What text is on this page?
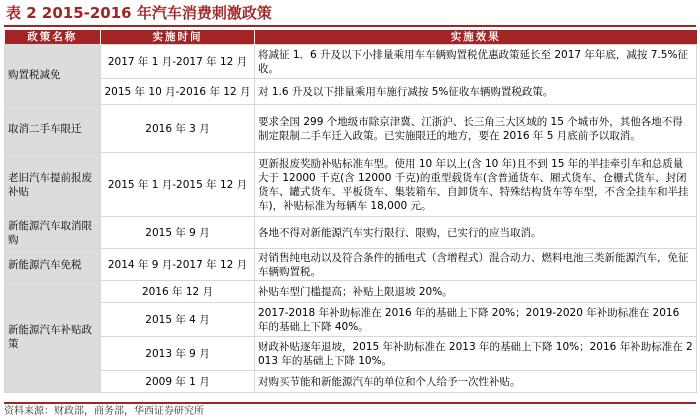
表 2 2015-2016 年汽车消费刺激政策
政策名称	实施时间	实施效果
购置税减免	2017 年 1 月-2017 年 12 月	将减征 1．6 升及以下小排量乘用车车辆购置税优惠政策延长至 2017 年年底，减按 7.5%征收。
	2015 年 10 月-2016 年 12 月	对 1.6 升及以下排量乘用车施行减按 5%征收车辆购置税政策。
取消二手车限迁	2016 年 3 月	要求全国 299 个地级市除京津冀、江浙沪、长三角三大区域的 15 个城市外，其他各地不得制定限制二手车迁入政策。已实施限迁的地方，要在 2016 年 5 月底前予以取消。
老旧汽车提前报废补贴	2015 年 1 月-2015 年 12 月	更新报废奖励补贴标准车型。使用 10 年以上(含 10 年)且不到 15 年的半挂牵引车和总质量大于 12000 千克(含 12000 千克)的重型载货车(含普通货车、厢式货车、仓栅式货车、封闭货车、罐式货车、平板货车、集装箱车、自卸货车、特殊结构货车等车型，不含全挂车和半挂车)，补贴标准为每辆车 18,000 元。
新能源汽车取消限购	2015 年 9 月	各地不得对新能源汽车实行限行、限购，已实行的应当取消。
新能源汽车免税	2014 年 9 月-2017 年 12 月	对销售纯电动以及符合条件的插电式（含增程式）混合动力、燃料电池三类新能源汽车，免征车辆购置税。
新能源汽车补贴政策	2016 年 12 月	补贴车型门槛提高；补贴上限退坡 20%。
	2015 年 4 月	2017-2018 年补助标准在 2016 年的基础上下降 20%；2019-2020 年补助标准在 2016 年的基础上下降 40%。
	2013 年 9 月	财政补贴逐年退坡，2015 年补助标准在 2013 年的基础上下降 10%；2016 年补助标准在 2013 年的基础上下降 10%。
	2009 年 1 月	对购买节能和新能源汽车的单位和个人给予一次性补贴。
资料来源：财政部，商务部，华西证券研究所
